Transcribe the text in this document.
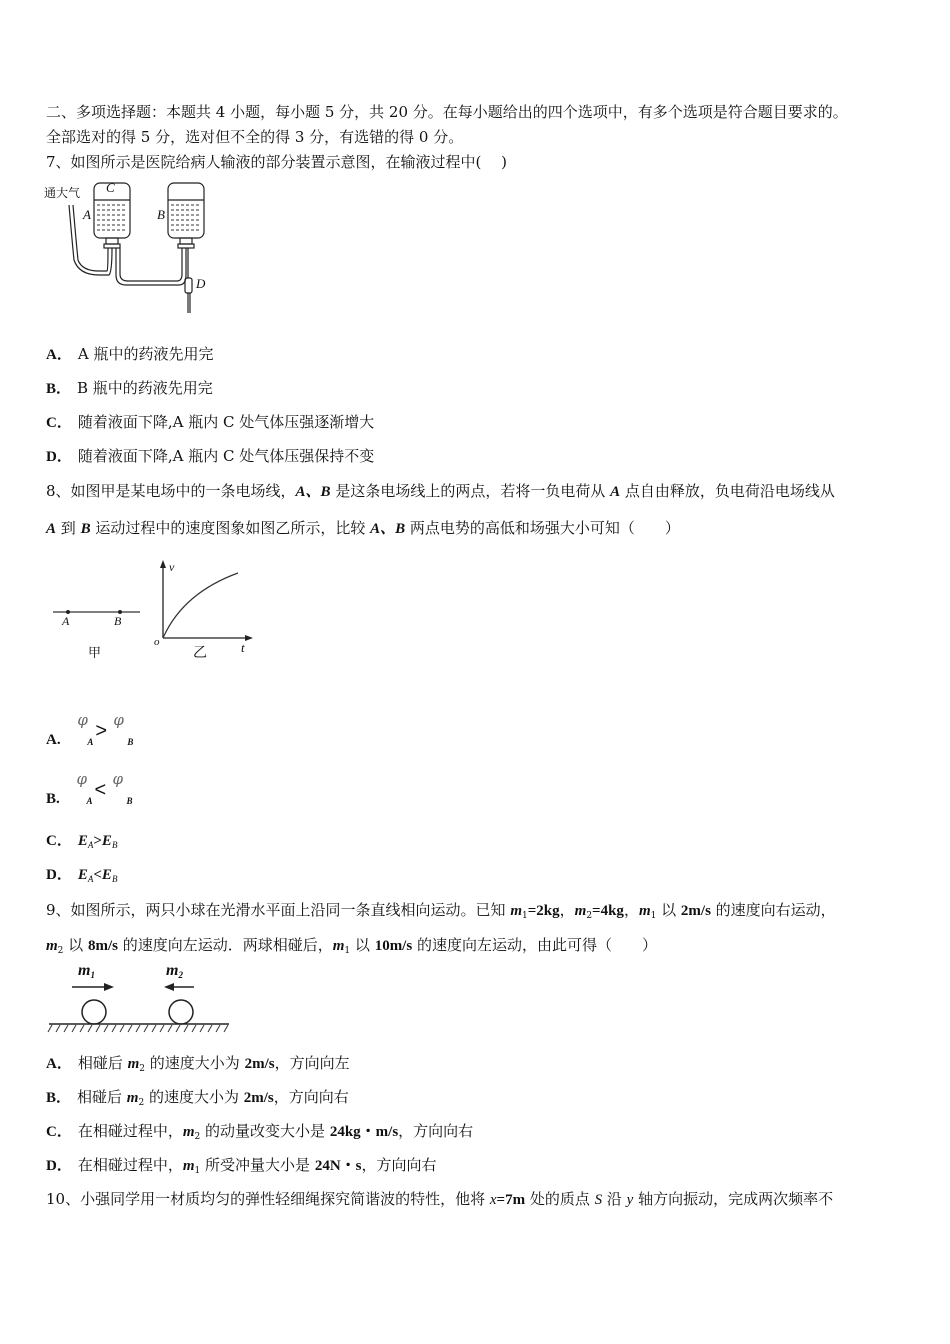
二、多项选择题：本题共 4 小题，每小题 5 分，共 20 分。在每小题给出的四个选项中，有多个选项是符合题目要求的。
全部选对的得 5 分，选对但不全的得 3 分，有选错的得 0 分。
7、如图所示是医院给病人输液的部分装置示意图，在输液过程中(　 )
通大气 C
A	B
D
A． A 瓶中的药液先用完
B． B 瓶中的药液先用完
C． 随着液面下降,A 瓶内 C 处气体压强逐渐增大
D． 随着液面下降,A 瓶内 C 处气体压强保持不变
8、如图甲是某电场中的一条电场线，A、B 是这条电场线上的两点，若将一负电荷从 A 点自由释放，负电荷沿电场线从
A 到 B 运动过程中的速度图象如图乙所示，比较 A、B 两点电势的高低和场强大小可知（　　）
A	B
甲
v
t
o
乙
A.
φ
A > φ
B
B.
φ
A < φ
B
C． $E_A>E_B$
D． $E_A<E_B$
9、如图所示，两只小球在光滑水平面上沿同一条直线相向运动。已知 $m_1=2kg$，$m_2=4kg$，$m_1$ 以 2m/s 的速度向右运动，
$m_2$ 以 8m/s 的速度向左运动．两球相碰后，$m_1$ 以 10m/s 的速度向左运动，由此可得（　　）
$m_1$	$m_2$
A． 相碰后 $m_2$ 的速度大小为 2m/s，方向向左
B． 相碰后 $m_2$ 的速度大小为 2m/s，方向向右
C． 在相碰过程中，$m_2$ 的动量改变大小是 24kg・m/s，方向向右
D． 在相碰过程中，$m_1$ 所受冲量大小是 24N・s，方向向右
10、小强同学用一材质均匀的弹性轻细绳探究简谐波的特性，他将 x=7m 处的质点 S 沿 y 轴方向振动，完成两次频率不
